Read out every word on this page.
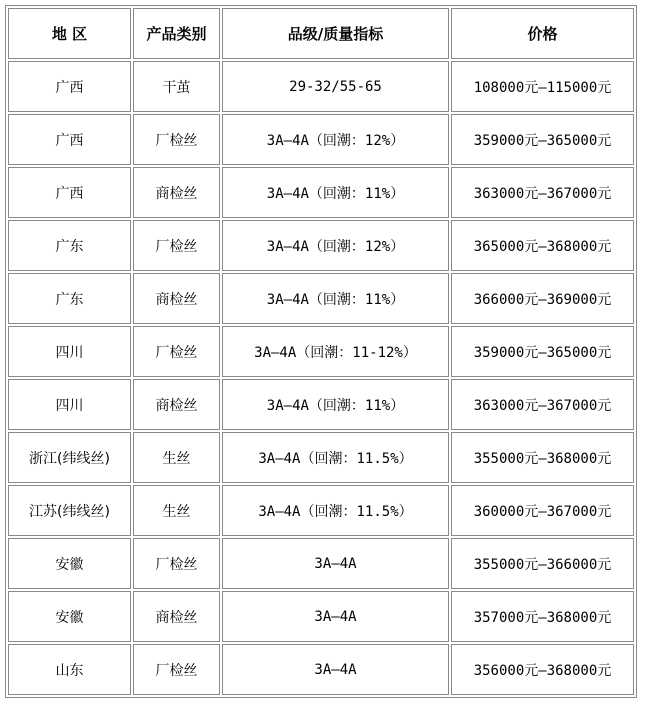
地 区	产品类别	品级/质量指标	价格
广西	干茧	29-32/55-65	108000元—115000元
广西	厂检丝	3A—4A（回潮：12%）	359000元—365000元
广西	商检丝	3A—4A（回潮：11%）	363000元—367000元
广东	厂检丝	3A—4A（回潮：12%）	365000元—368000元
广东	商检丝	3A—4A（回潮：11%）	366000元—369000元
四川	厂检丝	3A—4A（回潮：11-12%）	359000元—365000元
四川	商检丝	3A—4A（回潮：11%）	363000元—367000元
浙江(纬线丝)	生丝	3A—4A（回潮：11.5%）	355000元—368000元
江苏(纬线丝)	生丝	3A—4A（回潮：11.5%）	360000元—367000元
安徽	厂检丝	3A—4A	355000元—366000元
安徽	商检丝	3A—4A	357000元—368000元
山东	厂检丝	3A—4A	356000元—368000元
